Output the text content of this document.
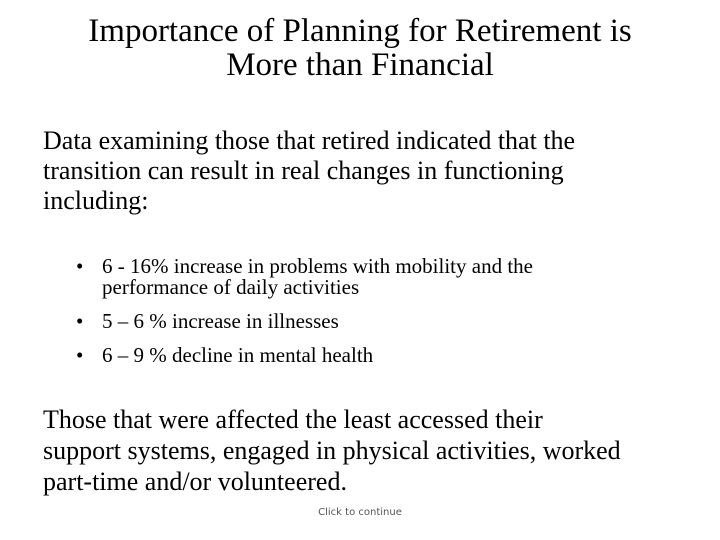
Importance of Planning for Retirement is
More than Financial

Data examining those that retired indicated that the
transition can result in real changes in functioning
including:

• 6 - 16% increase in problems with mobility and the
performance of daily activities
• 5 – 6 % increase in illnesses
• 6 – 9 % decline in mental health

Those that were affected the least accessed their
support systems, engaged in physical activities, worked
part-time and/or volunteered.

Click to continue
